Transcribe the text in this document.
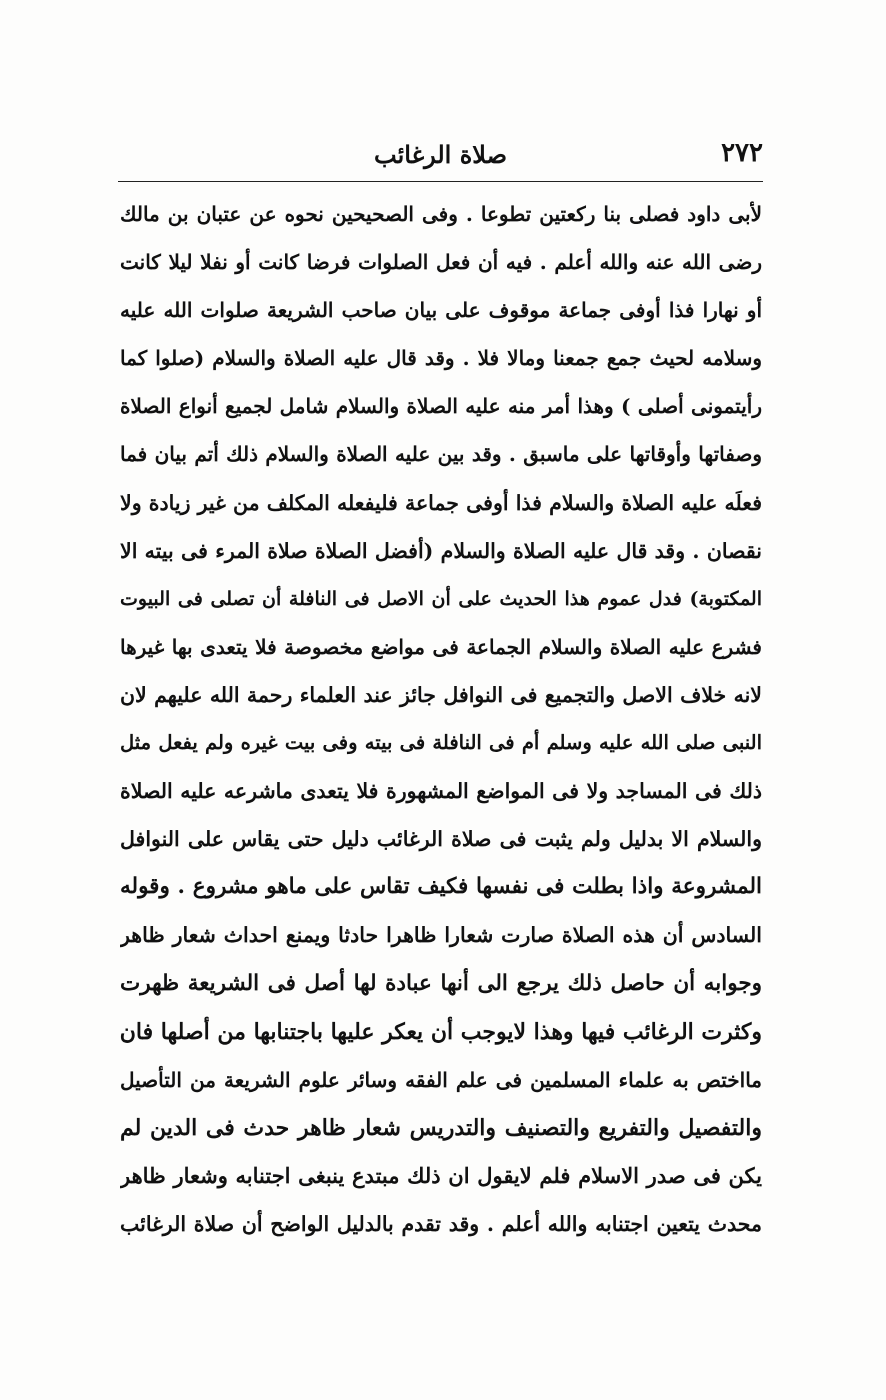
٢٧٢
صلاة الرغائب
لأبى داود فصلى بنا ركعتين تطوعا . وفى الصحيحين نحوه عن عتبان بن مالك
رضى الله عنه والله أعلم . فيه أن فعل الصلوات فرضا كانت أو نفلا ليلا كانت
أو نهارا فذا أوفى جماعة موقوف على بيان صاحب الشريعة صلوات الله عليه
وسلامه لحيث جمع جمعنا ومالا فلا . وقد قال عليه الصلاة والسلام (صلوا كما
رأيتمونى أصلى ) وهذا أمر منه عليه الصلاة والسلام شامل لجميع أنواع الصلاة
وصفاتها وأوقاتها على ماسبق . وقد بين عليه الصلاة والسلام ذلك أتم بيان فما
فعلَه عليه الصلاة والسلام فذا أوفى جماعة فليفعله المكلف من غير زيادة ولا
نقصان . وقد قال عليه الصلاة والسلام (أفضل الصلاة صلاة المرء فى بيته الا
المكتوبة) فدل عموم هذا الحديث على أن الاصل فى النافلة أن تصلى فى البيوت
فشرع عليه الصلاة والسلام الجماعة فى مواضع مخصوصة فلا يتعدى بها غيرها
لانه خلاف الاصل والتجميع فى النوافل جائز عند العلماء رحمة الله عليهم لان
النبى صلى الله عليه وسلم أم فى النافلة فى بيته وفى بيت غيره ولم يفعل مثل
ذلك فى المساجد ولا فى المواضع المشهورة فلا يتعدى ماشرعه عليه الصلاة
والسلام الا بدليل ولم يثبت فى صلاة الرغائب دليل حتى يقاس على النوافل
المشروعة واذا بطلت فى نفسها فكيف تقاس على ماهو مشروع . وقوله
السادس أن هذه الصلاة صارت شعارا ظاهرا حادثا ويمنع احداث شعار ظاهر
وجوابه أن حاصل ذلك يرجع الى أنها عبادة لها أصل فى الشريعة ظهرت
وكثرت الرغائب فيها وهذا لايوجب أن يعكر عليها باجتنابها من أصلها فان
مااختص به علماء المسلمين فى علم الفقه وسائر علوم الشريعة من التأصيل
والتفصيل والتفريع والتصنيف والتدريس شعار ظاهر حدث فى الدين لم
يكن فى صدر الاسلام فلم لايقول ان ذلك مبتدع ينبغى اجتنابه وشعار ظاهر
محدث يتعين اجتنابه والله أعلم . وقد تقدم بالدليل الواضح أن صلاة الرغائب
